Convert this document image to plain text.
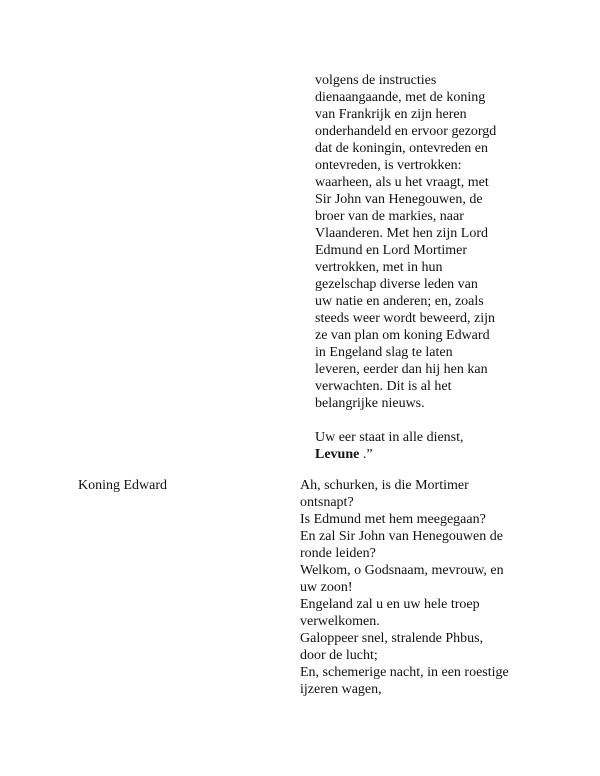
volgens de instructies
dienaangaande, met de koning
van Frankrijk en zijn heren
onderhandeld en ervoor gezorgd
dat de koningin, ontevreden en
ontevreden, is vertrokken:
waarheen, als u het vraagt, met
Sir John van Henegouwen, de
broer van de markies, naar
Vlaanderen. Met hen zijn Lord
Edmund en Lord Mortimer
vertrokken, met in hun
gezelschap diverse leden van
uw natie en anderen; en, zoals
steeds weer wordt beweerd, zijn
ze van plan om koning Edward
in Engeland slag te laten
leveren, eerder dan hij hen kan
verwachten. Dit is al het
belangrijke nieuws.
Uw eer staat in alle dienst,
Levune .”
Koning Edward	Ah, schurken, is die Mortimer
ontsnapt?
Is Edmund met hem meegegaan?
En zal Sir John van Henegouwen de
ronde leiden?
Welkom, o Godsnaam, mevrouw, en
uw zoon!
Engeland zal u en uw hele troep
verwelkomen.
Galoppeer snel, stralende Phbus,
door de lucht;
En, schemerige nacht, in een roestige
ijzeren wagen,
